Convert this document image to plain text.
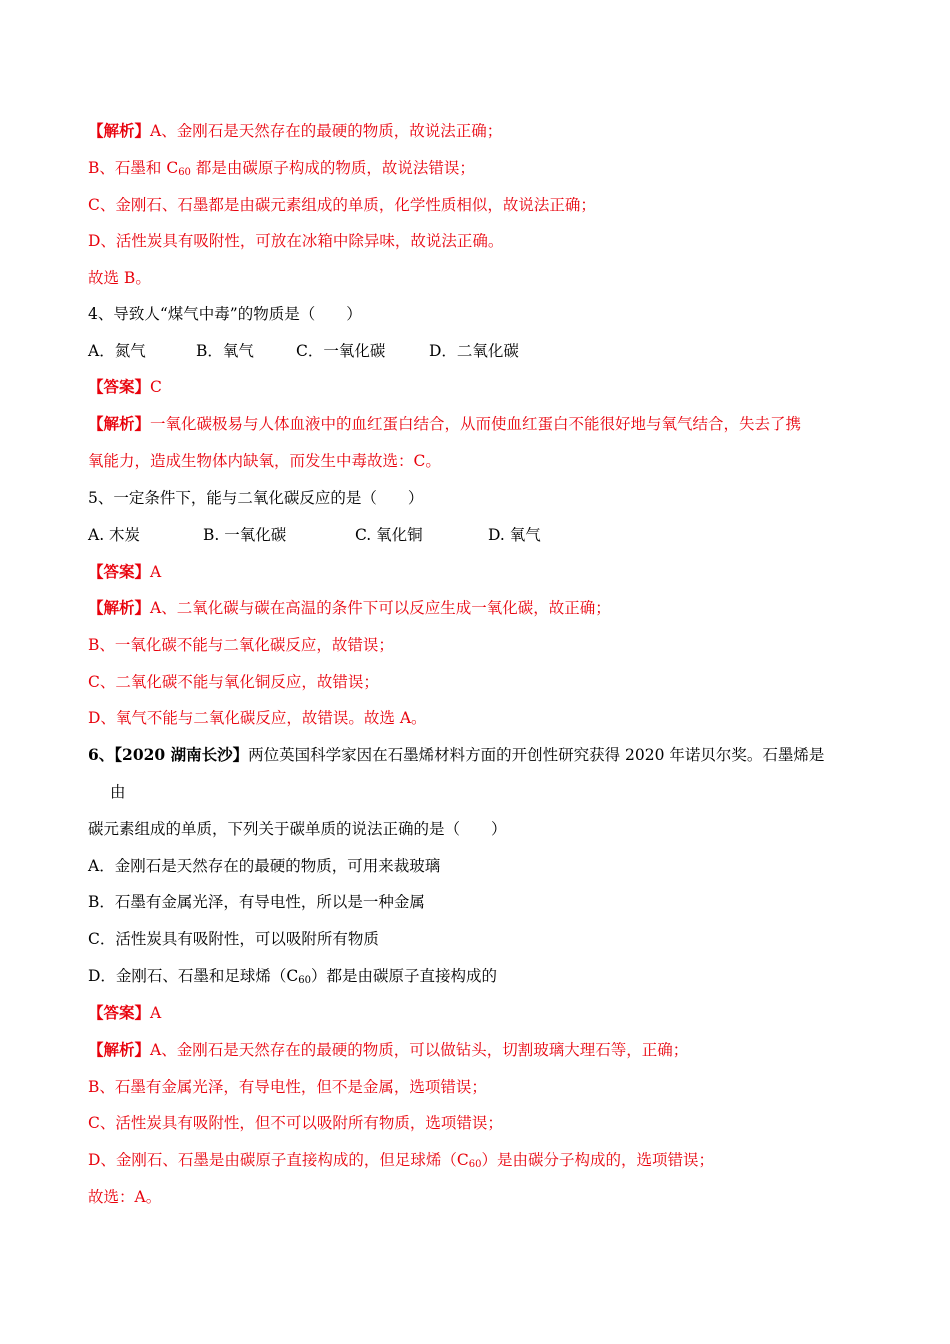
【解析】A、金刚石是天然存在的最硬的物质，故说法正确；
B、石墨和 $C_{60}$ 都是由碳原子构成的物质，故说法错误；
C、金刚石、石墨都是由碳元素组成的单质，化学性质相似，故说法正确；
D、活性炭具有吸附性，可放在冰箱中除异味，故说法正确。
故选 B。
4、导致人“煤气中毒”的物质是（　　）
A．氮气	B．氧气	C．一氧化碳	D．二氧化碳
【答案】C
【解析】一氧化碳极易与人体血液中的血红蛋白结合，从而使血红蛋白不能很好地与氧气结合，失去了携
氧能力，造成生物体内缺氧，而发生中毒故选：C。
5、一定条件下，能与二氧化碳反应的是（　　）
A. 木炭	B. 一氧化碳	C. 氧化铜	D. 氧气
【答案】A
【解析】A、二氧化碳与碳在高温的条件下可以反应生成一氧化碳，故正确；
B、一氧化碳不能与二氧化碳反应，故错误；
C、二氧化碳不能与氧化铜反应，故错误；
D、氧气不能与二氧化碳反应，故错误。故选 A。
6、【2020 湖南长沙】两位英国科学家因在石墨烯材料方面的开创性研究获得 2020 年诺贝尔奖。石墨烯是
由
碳元素组成的单质，下列关于碳单质的说法正确的是（　　）
A．金刚石是天然存在的最硬的物质，可用来裁玻璃
B．石墨有金属光泽，有导电性，所以是一种金属
C．活性炭具有吸附性，可以吸附所有物质
D．金刚石、石墨和足球烯$(C_{60})$都是由碳原子直接构成的
【答案】A
【解析】A、金刚石是天然存在的最硬的物质，可以做钻头，切割玻璃大理石等，正确；
B、石墨有金属光泽，有导电性，但不是金属，选项错误；
C、活性炭具有吸附性，但不可以吸附所有物质，选项错误；
D、金刚石、石墨是由碳原子直接构成的，但足球烯$(C_{60})$是由碳分子构成的，选项错误；
故选：A。
